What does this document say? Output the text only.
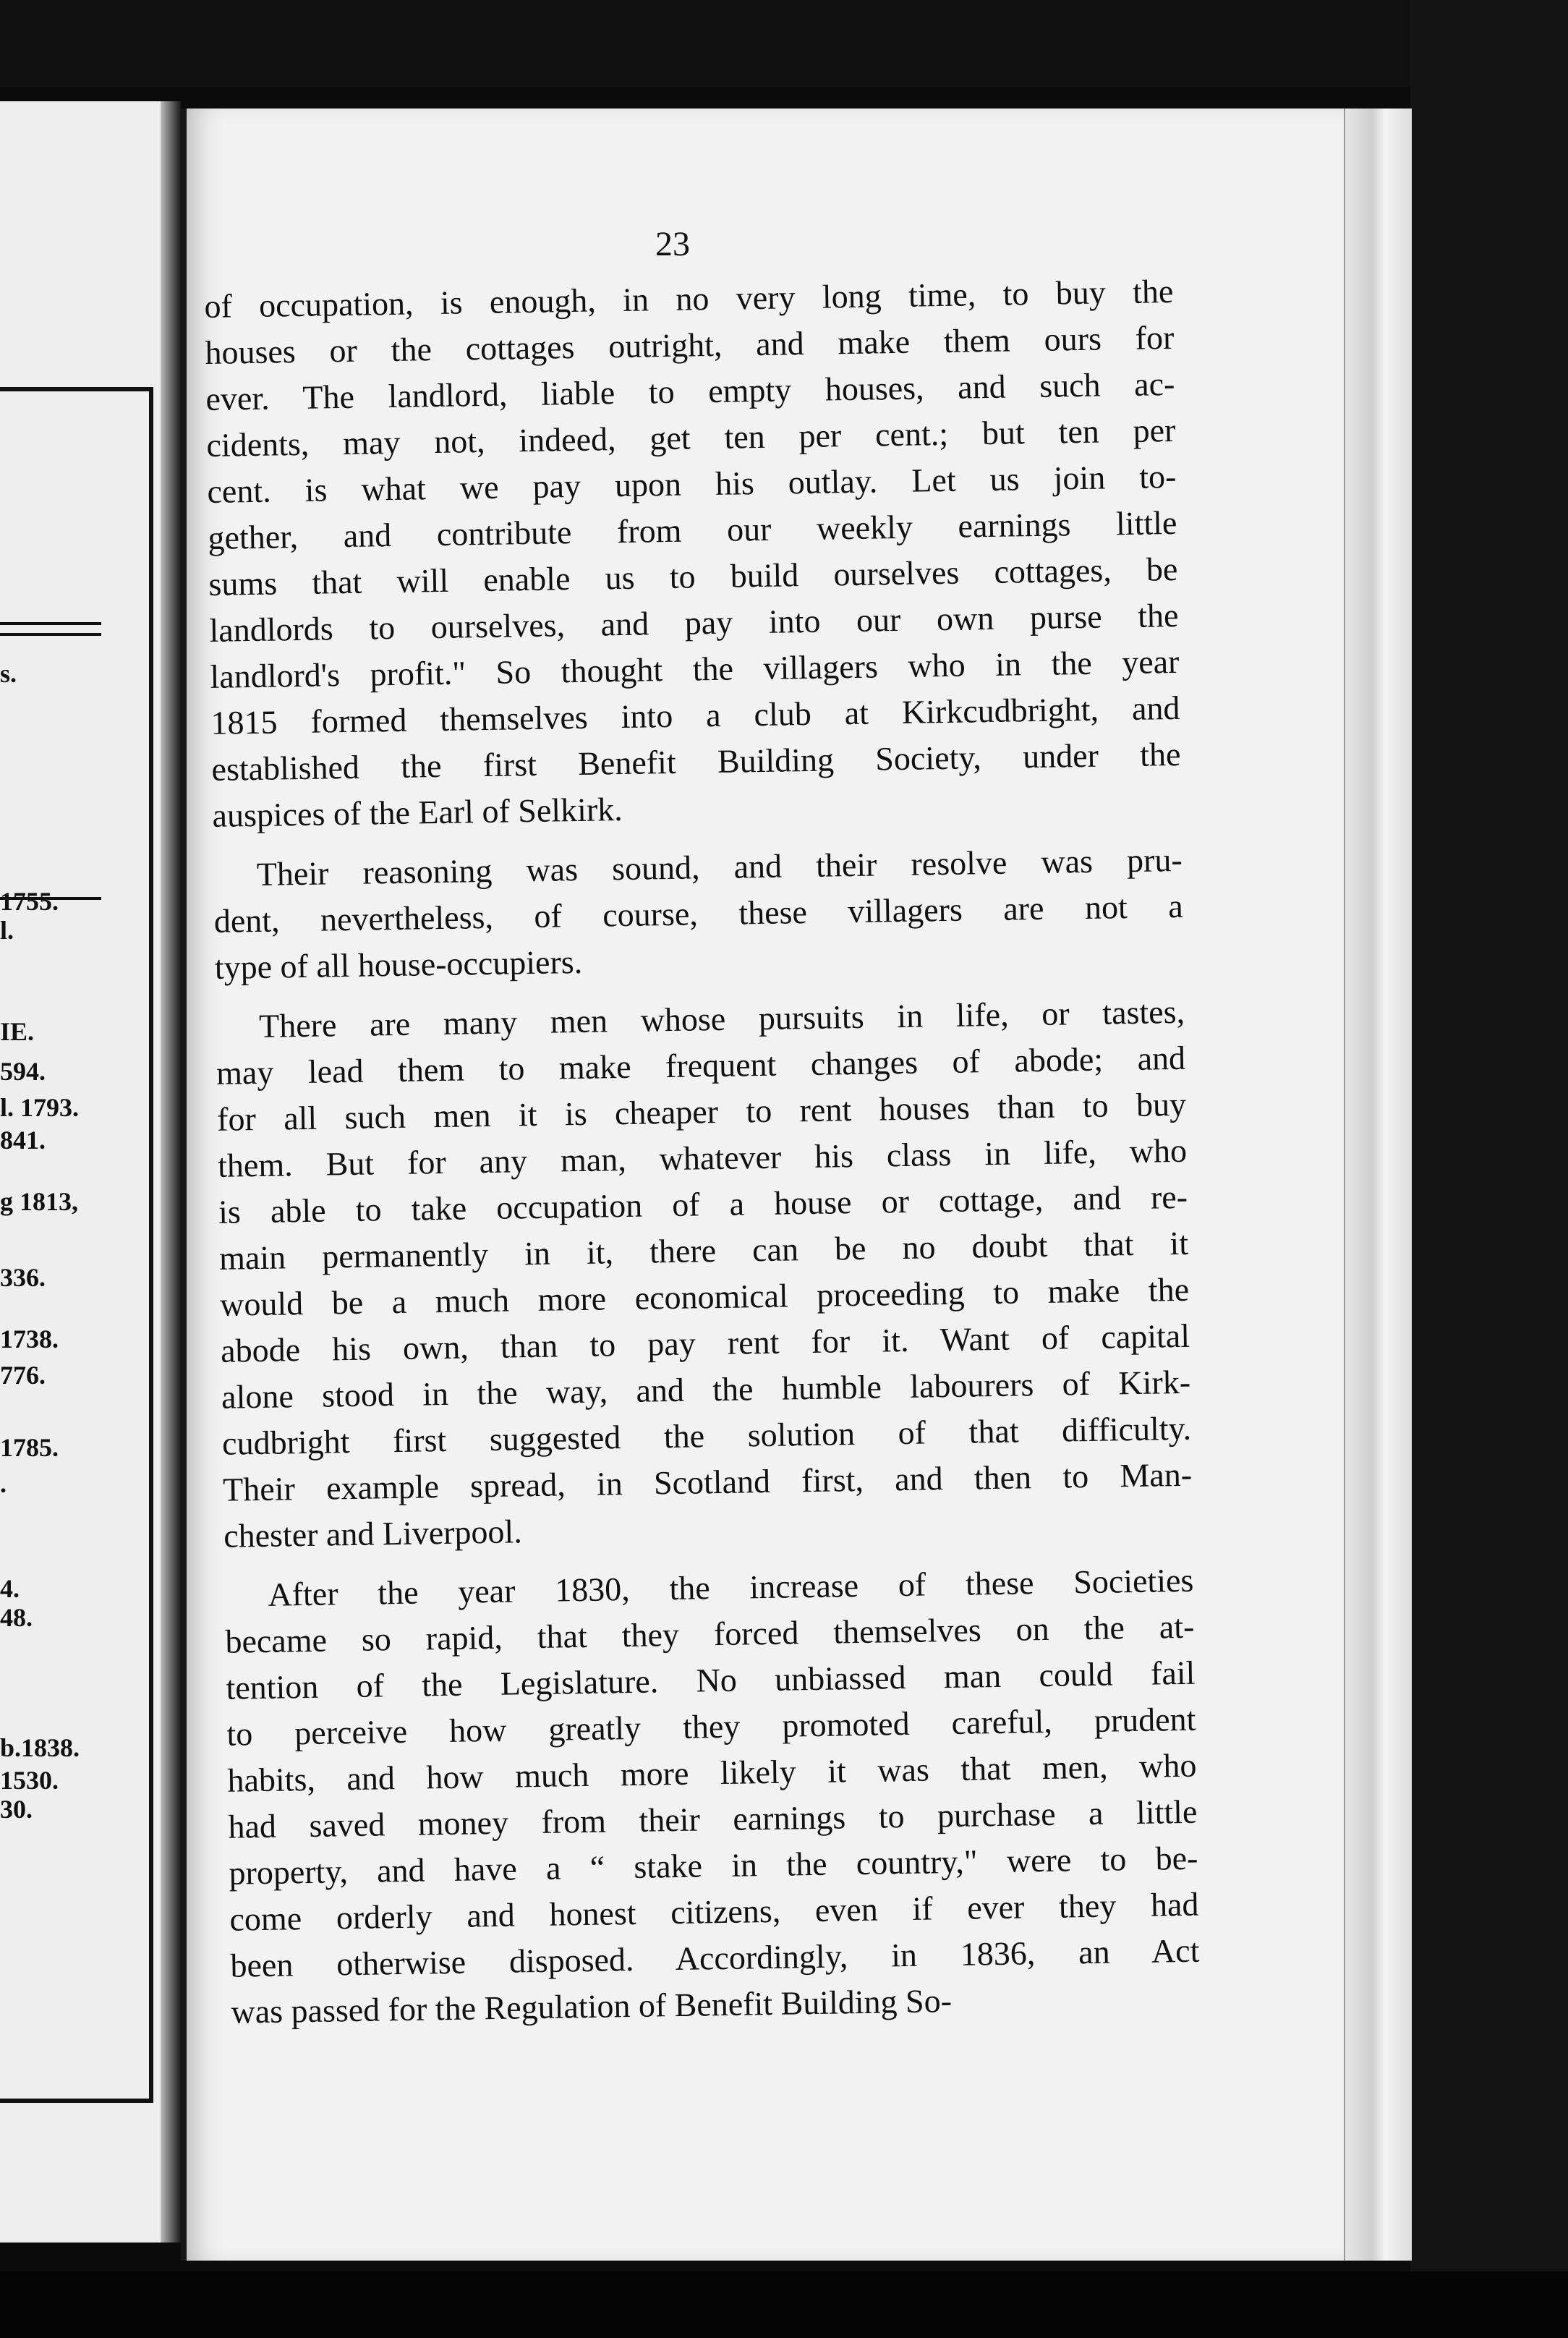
s.
1755.
l.
IE.
594.
l. 1793.
841.
g 1813,
336.
1738.
776.
1785.
.
4.
48.
b.1838.
1530.
30.
23
of occupation, is enough, in no very long time, to buy the
houses or the cottages outright, and make them ours for
ever. The landlord, liable to empty houses, and such ac-
cidents, may not, indeed, get ten per cent.; but ten per
cent. is what we pay upon his outlay. Let us join to-
gether, and contribute from our weekly earnings little
sums that will enable us to build ourselves cottages, be
landlords to ourselves, and pay into our own purse the
landlord's profit." So thought the villagers who in the year
1815 formed themselves into a club at Kirkcudbright, and
established the first Benefit Building Society, under the
auspices of the Earl of Selkirk.
Their reasoning was sound, and their resolve was pru-
dent, nevertheless, of course, these villagers are not a
type of all house-occupiers.
There are many men whose pursuits in life, or tastes,
may lead them to make frequent changes of abode; and
for all such men it is cheaper to rent houses than to buy
them. But for any man, whatever his class in life, who
is able to take occupation of a house or cottage, and re-
main permanently in it, there can be no doubt that it
would be a much more economical proceeding to make the
abode his own, than to pay rent for it. Want of capital
alone stood in the way, and the humble labourers of Kirk-
cudbright first suggested the solution of that difficulty.
Their example spread, in Scotland first, and then to Man-
chester and Liverpool.
After the year 1830, the increase of these Societies
became so rapid, that they forced themselves on the at-
tention of the Legislature. No unbiassed man could fail
to perceive how greatly they promoted careful, prudent
habits, and how much more likely it was that men, who
had saved money from their earnings to purchase a little
property, and have a “ stake in the country," were to be-
come orderly and honest citizens, even if ever they had
been otherwise disposed. Accordingly, in 1836, an Act
was passed for the Regulation of Benefit Building So-
